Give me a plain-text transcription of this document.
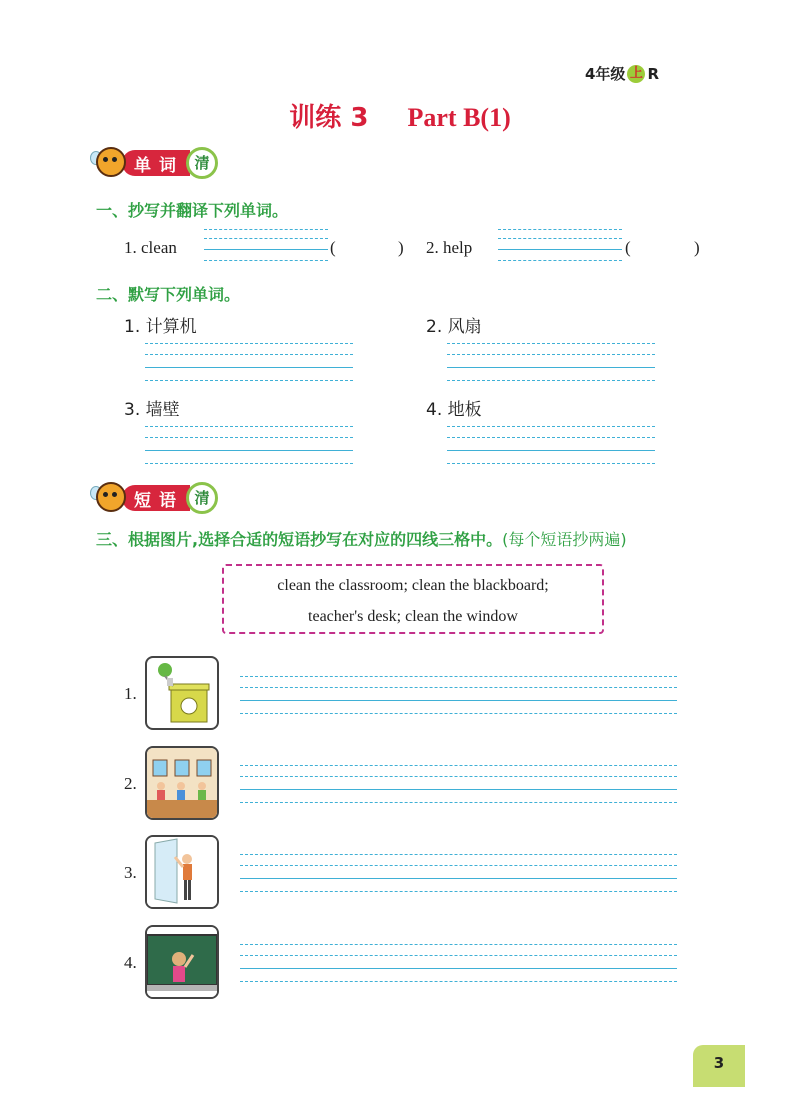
4年级 上 R
训练 3 Part B(1)
单词 清
一、抄写并翻译下列单词。
1. clean	(	) 2. help	(	)
二、默写下列单词。
1. 计算机	2. 风扇
3. 墙壁	4. 地板
短语 清
三、根据图片,选择合适的短语抄写在对应的四线三格中。(每个短语抄两遍)
clean the classroom; clean the blackboard;
teacher's desk; clean the window
1.
2.
3.
4.
3
